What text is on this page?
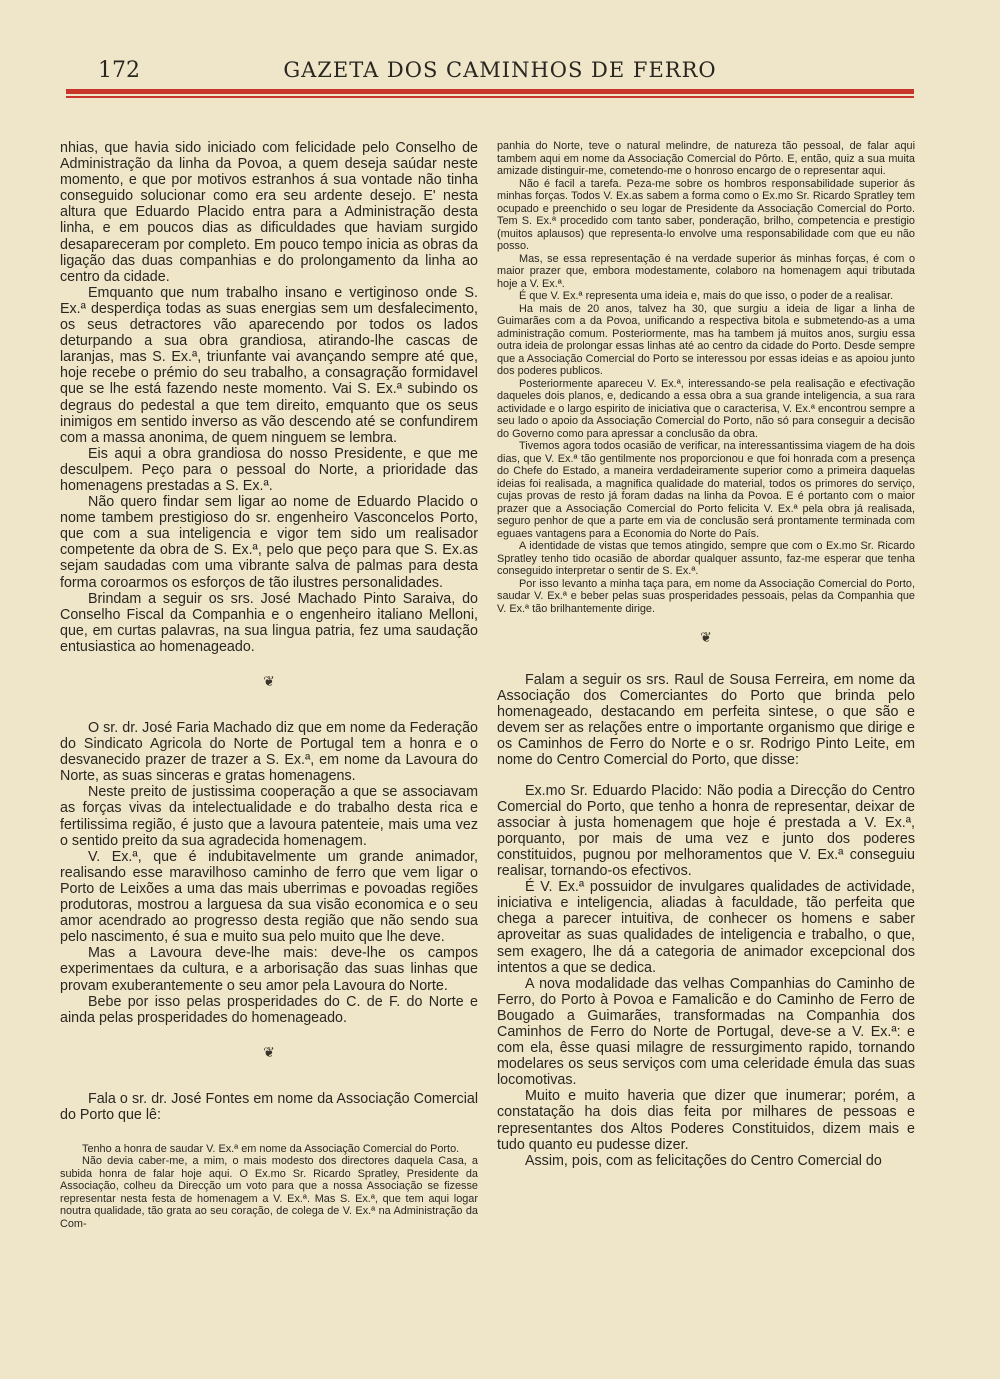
172	GAZETA DOS CAMINHOS DE FERRO

nhias, que havia sido iniciado com felicidade pelo Conselho de Administração da linha da Povoa, a quem deseja saúdar neste momento, e que por motivos estranhos á sua vontade não tinha conseguido solucionar como era seu ardente desejo. E' nesta altura que Eduardo Placido entra para a Administração desta linha, e em poucos dias as dificuldades que haviam surgido desapareceram por completo. Em pouco tempo inicia as obras da ligação das duas companhias e do prolongamento da linha ao centro da cidade.

Emquanto que num trabalho insano e vertiginoso onde S. Ex.ª desperdiça todas as suas energias sem um desfalecimento, os seus detractores vão aparecendo por todos os lados deturpando a sua obra grandiosa, atirando-lhe cascas de laranjas, mas S. Ex.ª, triunfante vai avançando sempre até que, hoje recebe o prémio do seu trabalho, a consagração formidavel que se lhe está fazendo neste momento. Vai S. Ex.ª subindo os degraus do pedestal a que tem direito, emquanto que os seus inimigos em sentido inverso as vão descendo até se confundirem com a massa anonima, de quem ninguem se lembra.

Eis aqui a obra grandiosa do nosso Presidente, e que me desculpem. Peço para o pessoal do Norte, a prioridade das homenagens prestadas a S. Ex.ª.

Não quero findar sem ligar ao nome de Eduardo Placido o nome tambem prestigioso do sr. engenheiro Vasconcelos Porto, que com a sua inteligencia e vigor tem sido um realisador competente da obra de S. Ex.ª, pelo que peço para que S. Ex.as sejam saudadas com uma vibrante salva de palmas para desta forma coroarmos os esforços de tão ilustres personalidades.

Brindam a seguir os srs. José Machado Pinto Saraiva, do Conselho Fiscal da Companhia e o engenheiro italiano Melloni, que, em curtas palavras, na sua lingua patria, fez uma saudação entusiastica ao homenageado.

❦

O sr. dr. José Faria Machado diz que em nome da Federação do Sindicato Agricola do Norte de Portugal tem a honra e o desvanecido prazer de trazer a S. Ex.ª, em nome da Lavoura do Norte, as suas sinceras e gratas homenagens.

Neste preito de justissima cooperação a que se associavam as forças vivas da intelectualidade e do trabalho desta rica e fertilissima região, é justo que a lavoura patenteie, mais uma vez o sentido preito da sua agradecida homenagem.

V. Ex.ª, que é indubitavelmente um grande animador, realisando esse maravilhoso caminho de ferro que vem ligar o Porto de Leixões a uma das mais uberrimas e povoadas regiões produtoras, mostrou a larguesa da sua visão economica e o seu amor acendrado ao progresso desta região que não sendo sua pelo nascimento, é sua e muito sua pelo muito que lhe deve.

Mas a Lavoura deve-lhe mais: deve-lhe os campos experimentaes da cultura, e a arborisação das suas linhas que provam exuberantemente o seu amor pela Lavoura do Norte.

Bebe por isso pelas prosperidades do C. de F. do Norte e ainda pelas prosperidades do homenageado.

❦

Fala o sr. dr. José Fontes em nome da Associação Comercial do Porto que lê:

Tenho a honra de saudar V. Ex.ª em nome da Associação Comercial do Porto.

Não devia caber-me, a mim, o mais modesto dos directores daquela Casa, a subida honra de falar hoje aqui. O Ex.mo Sr. Ricardo Spratley, Presidente da Associação, colheu da Direcção um voto para que a nossa Associação se fizesse representar nesta festa de homenagem a V. Ex.ª. Mas S. Ex.ª, que tem aqui logar noutra qualidade, tão grata ao seu coração, de colega de V. Ex.ª na Administração da Com-

panhia do Norte, teve o natural melindre, de natureza tão pessoal, de falar aqui tambem aqui em nome da Associação Comercial do Pôrto. E, então, quiz a sua muita amizade distinguir-me, cometendo-me o honroso encargo de o representar aqui.

Não é facil a tarefa. Peza-me sobre os hombros responsabilidade superior ás minhas forças. Todos V. Ex.as sabem a forma como o Ex.mo Sr. Ricardo Spratley tem ocupado e preenchido o seu logar de Presidente da Associação Comercial do Porto. Tem S. Ex.ª procedido com tanto saber, ponderação, brilho, competencia e prestigio (muitos aplausos) que representa-lo envolve uma responsabilidade com que eu não posso.

Mas, se essa representação é na verdade superior ás minhas forças, é com o maior prazer que, embora modestamente, colaboro na homenagem aqui tributada hoje a V. Ex.ª.

É que V. Ex.ª representa uma ideia e, mais do que isso, o poder de a realisar.

Ha mais de 20 anos, talvez ha 30, que surgiu a ideia de ligar a linha de Guimarães com a da Povoa, unificando a respectiva bitola e submetendo-as a uma administração comum. Posteriormente, mas ha tambem já muitos anos, surgiu essa outra ideia de prolongar essas linhas até ao centro da cidade do Porto. Desde sempre que a Associação Comercial do Porto se interessou por essas ideias e as apoiou junto dos poderes publicos.

Posteriormente apareceu V. Ex.ª, interessando-se pela realisação e efectivação daqueles dois planos, e, dedicando a essa obra a sua grande inteligencia, a sua rara actividade e o largo espirito de iniciativa que o caracterisa, V. Ex.ª encontrou sempre a seu lado o apoio da Associação Comercial do Porto, não só para conseguir a decisão do Governo como para apressar a conclusão da obra.

Tivemos agora todos ocasião de verificar, na interessantissima viagem de ha dois dias, que V. Ex.ª tão gentilmente nos proporcionou e que foi honrada com a presença do Chefe do Estado, a maneira verdadeiramente superior como a primeira daquelas ideias foi realisada, a magnifica qualidade do material, todos os primores do serviço, cujas provas de resto já foram dadas na linha da Povoa. E é portanto com o maior prazer que a Associação Comercial do Porto felicita V. Ex.ª pela obra já realisada, seguro penhor de que a parte em via de conclusão será prontamente terminada com eguaes vantagens para a Economia do Norte do País.

A identidade de vistas que temos atingido, sempre que com o Ex.mo Sr. Ricardo Spratley tenho tido ocasião de abordar qualquer assunto, faz-me esperar que tenha conseguido interpretar o sentir de S. Ex.ª.

Por isso levanto a minha taça para, em nome da Associação Comercial do Porto, saudar V. Ex.ª e beber pelas suas prosperidades pessoais, pelas da Companhia que V. Ex.ª tão brilhantemente dirige.

❦

Falam a seguir os srs. Raul de Sousa Ferreira, em nome da Associação dos Comerciantes do Porto que brinda pelo homenageado, destacando em perfeita sintese, o que são e devem ser as relações entre o importante organismo que dirige e os Caminhos de Ferro do Norte e o sr. Rodrigo Pinto Leite, em nome do Centro Comercial do Porto, que disse:

Ex.mo Sr. Eduardo Placido: Não podia a Direcção do Centro Comercial do Porto, que tenho a honra de representar, deixar de associar à justa homenagem que hoje é prestada a V. Ex.ª, porquanto, por mais de uma vez e junto dos poderes constituidos, pugnou por melhoramentos que V. Ex.ª conseguiu realisar, tornando-os efectivos.

É V. Ex.ª possuidor de invulgares qualidades de actividade, iniciativa e inteligencia, aliadas à faculdade, tão perfeita que chega a parecer intuitiva, de conhecer os homens e saber aproveitar as suas qualidades de inteligencia e trabalho, o que, sem exagero, lhe dá a categoria de animador excepcional dos intentos a que se dedica.

A nova modalidade das velhas Companhias do Caminho de Ferro, do Porto à Povoa e Famalicão e do Caminho de Ferro de Bougado a Guimarães, transformadas na Companhia dos Caminhos de Ferro do Norte de Portugal, deve-se a V. Ex.ª: e com ela, êsse quasi milagre de ressurgimento rapido, tornando modelares os seus serviços com uma celeridade émula das suas locomotivas.

Muito e muito haveria que dizer que inumerar; porém, a constatação ha dois dias feita por milhares de pessoas e representantes dos Altos Poderes Constituidos, dizem mais e tudo quanto eu pudesse dizer.

Assim, pois, com as felicitações do Centro Comercial do
